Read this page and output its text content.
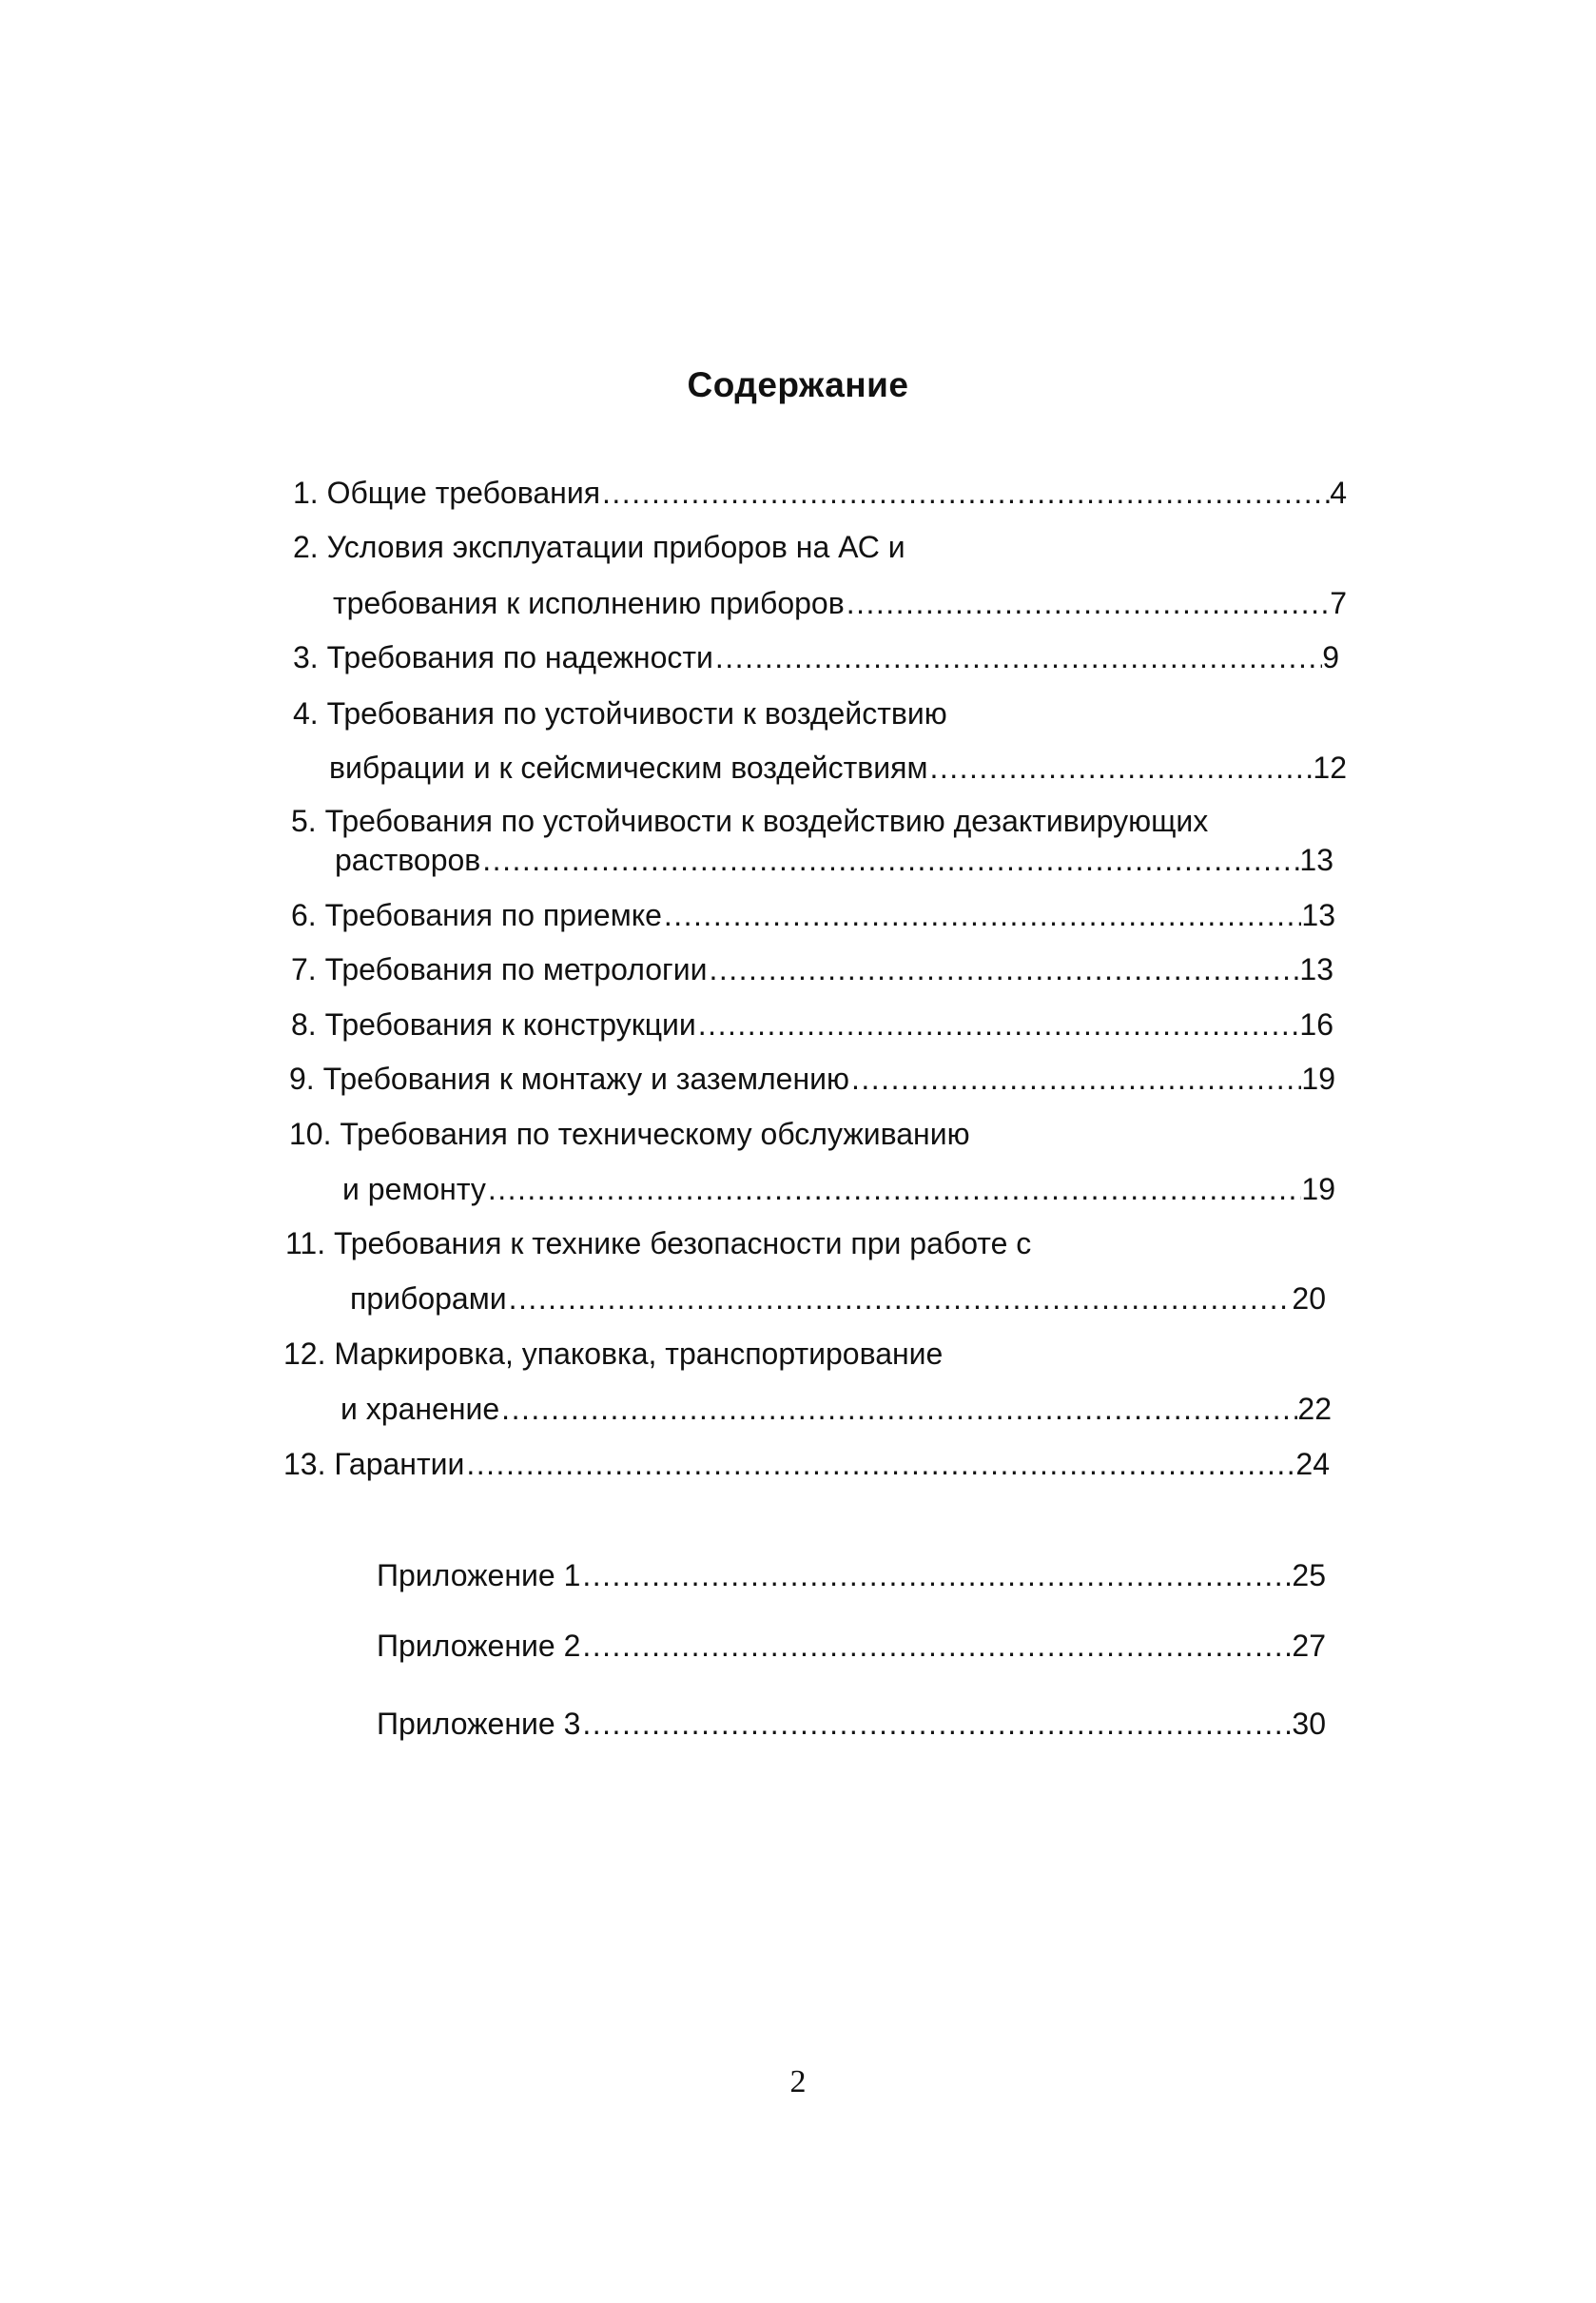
Содержание
1. Общие требования .....	4
2. Условия эксплуатации приборов на АС и
требования к исполнению приборов .....	7
3. Требования по надежности .....	9
4. Требования по устойчивости к воздействию
вибрации и к сейсмическим воздействиям .....	12
5. Требования по устойчивости к воздействию дезактивирующих
растворов .....	13
6. Требования по приемке .....	13
7. Требования по метрологии .....	13
8. Требования к конструкции .....	16
9. Требования к монтажу и заземлению .....	19
10. Требования по техническому обслуживанию
и ремонту .....	19
11. Требования к технике безопасности при работе с
приборами .....	20
12. Маркировка, упаковка, транспортирование
и хранение .....	22
13. Гарантии .....	24
Приложение 1 .....	25
Приложение 2 .....	27
Приложение 3 .....	30
2
